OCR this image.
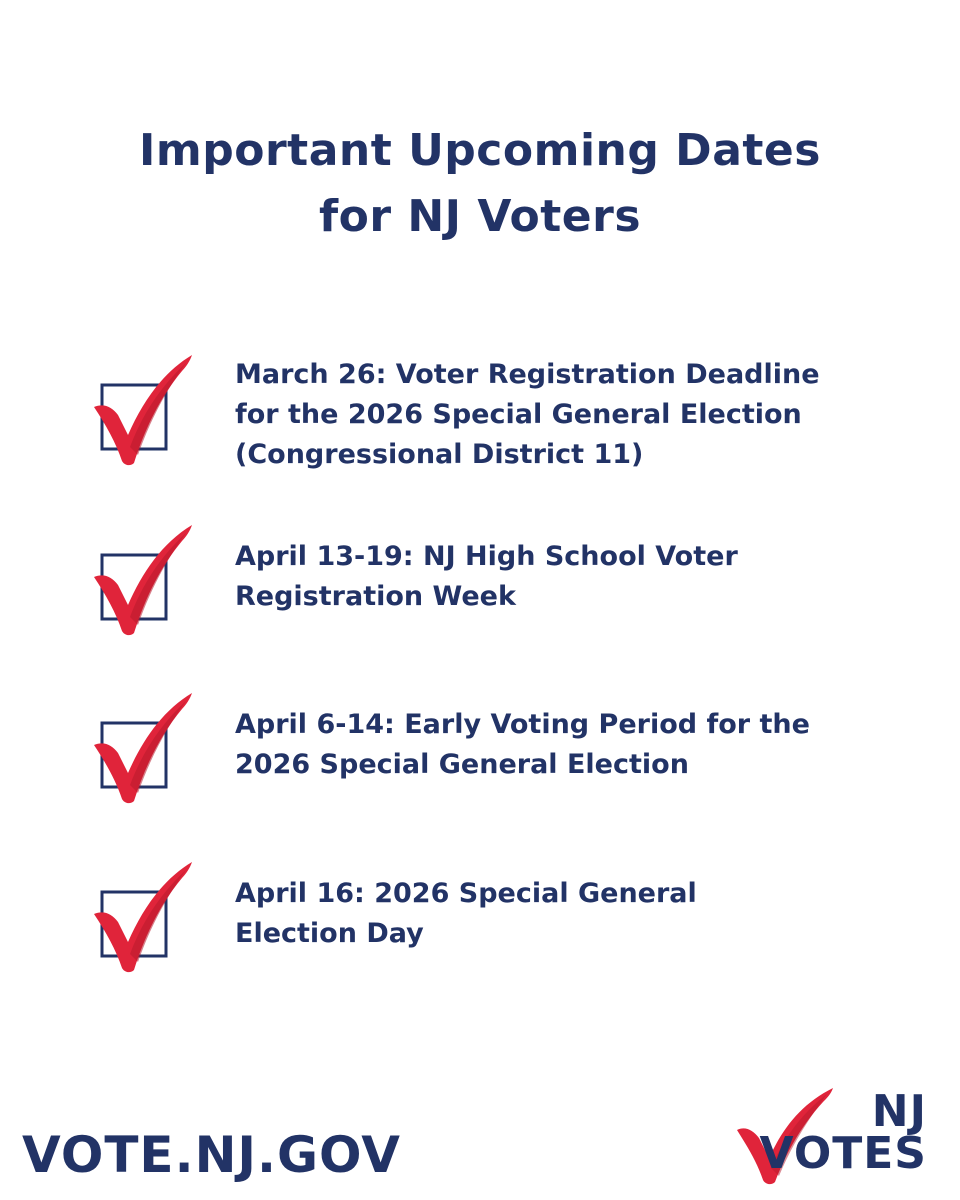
Important Upcoming Dates
for NJ Voters
March 26: Voter Registration Deadline
for the 2026 Special General Election
(Congressional District 11)
April 13-19: NJ High School Voter
Registration Week
April 6-14: Early Voting Period for the
2026 Special General Election
April 16: 2026 Special General
Election Day
VOTE.NJ.GOV
NJ
VOTES
